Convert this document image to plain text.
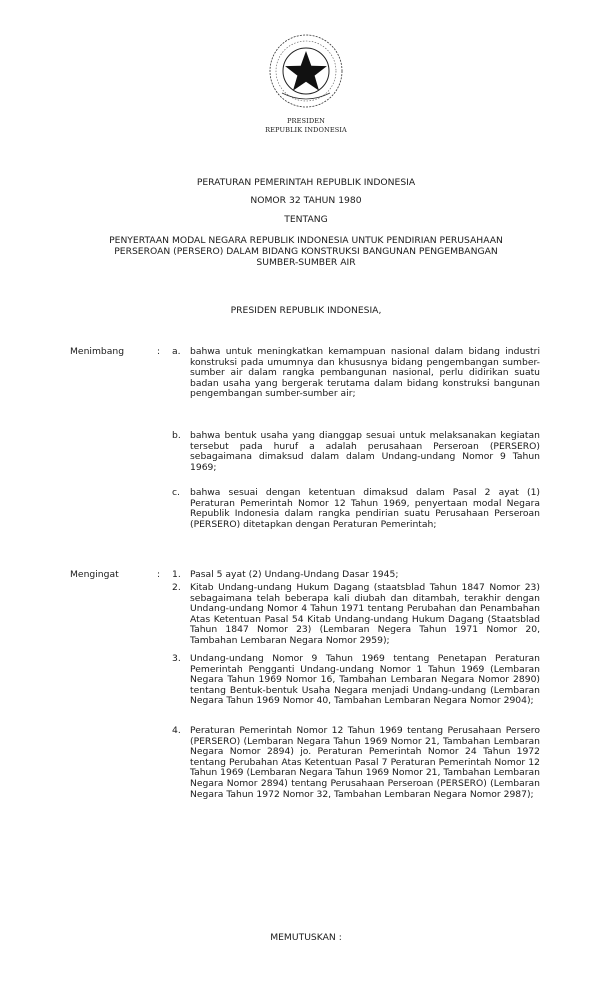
PRESIDEN
REPUBLIK INDONESIA
PERATURAN PEMERINTAH REPUBLIK INDONESIA
NOMOR 32 TAHUN 1980
TENTANG
PENYERTAAN MODAL NEGARA REPUBLIK INDONESIA UNTUK PENDIRIAN PERUSAHAAN
PERSEROAN (PERSERO) DALAM BIDANG KONSTRUKSI BANGUNAN PENGEMBANGAN
SUMBER-SUMBER AIR
PRESIDEN REPUBLIK INDONESIA,
Menimbang	: a.	bahwa untuk meningkatkan kemampuan nasional dalam bidang industri konstruksi pada umumnya dan khususnya bidang pengembangan sumber-sumber air dalam rangka pembangunan nasional, perlu didirikan suatu badan usaha yang bergerak terutama dalam bidang konstruksi bangunan pengembangan sumber-sumber air;
b.	bahwa bentuk usaha yang dianggap sesuai untuk melaksanakan kegiatan tersebut pada huruf a adalah perusahaan Perseroan (PERSERO) sebagaimana dimaksud dalam dalam Undang-undang Nomor 9 Tahun 1969;
c.	bahwa sesuai dengan ketentuan dimaksud dalam Pasal 2 ayat (1) Peraturan Pemerintah Nomor 12 Tahun 1969, penyertaan modal Negara Republik Indonesia dalam rangka pendirian suatu Perusahaan Perseroan (PERSERO) ditetapkan dengan Peraturan Pemerintah;
Mengingat	: 1.	Pasal 5 ayat (2) Undang-Undang Dasar 1945;
2.	Kitab Undang-undang Hukum Dagang (staatsblad Tahun 1847 Nomor 23) sebagaimana telah beberapa kali diubah dan ditambah, terakhir dengan Undang-undang Nomor 4 Tahun 1971 tentang Perubahan dan Penambahan Atas Ketentuan Pasal 54 Kitab Undang-undang Hukum Dagang (Staatsblad Tahun 1847 Nomor 23) (Lembaran Negera Tahun 1971 Nomor 20, Tambahan Lembaran Negara Nomor 2959);
3.	Undang-undang Nomor 9 Tahun 1969 tentang Penetapan Peraturan Pemerintah Pengganti Undang-undang Nomor 1 Tahun 1969 (Lembaran Negara Tahun 1969 Nomor 16, Tambahan Lembaran Negara Nomor 2890) tentang Bentuk-bentuk Usaha Negara menjadi Undang-undang (Lembaran Negara Tahun 1969 Nomor 40, Tambahan Lembaran Negara Nomor 2904);
4.	Peraturan Pemerintah Nomor 12 Tahun 1969 tentang Perusahaan Persero (PERSERO) (Lembaran Negara Tahun 1969 Nomor 21, Tambahan Lembaran Negara Nomor 2894) jo. Peraturan Pemerintah Nomor 24 Tahun 1972 tentang Perubahan Atas Ketentuan Pasal 7 Peraturan Pemerintah Nomor 12 Tahun 1969 (Lembaran Negara Tahun 1969 Nomor 21, Tambahan Lembaran Negara Nomor 2894) tentang Perusahaan Perseroan (PERSERO) (Lembaran Negara Tahun 1972 Nomor 32, Tambahan Lembaran Negara Nomor 2987);
MEMUTUSKAN :
